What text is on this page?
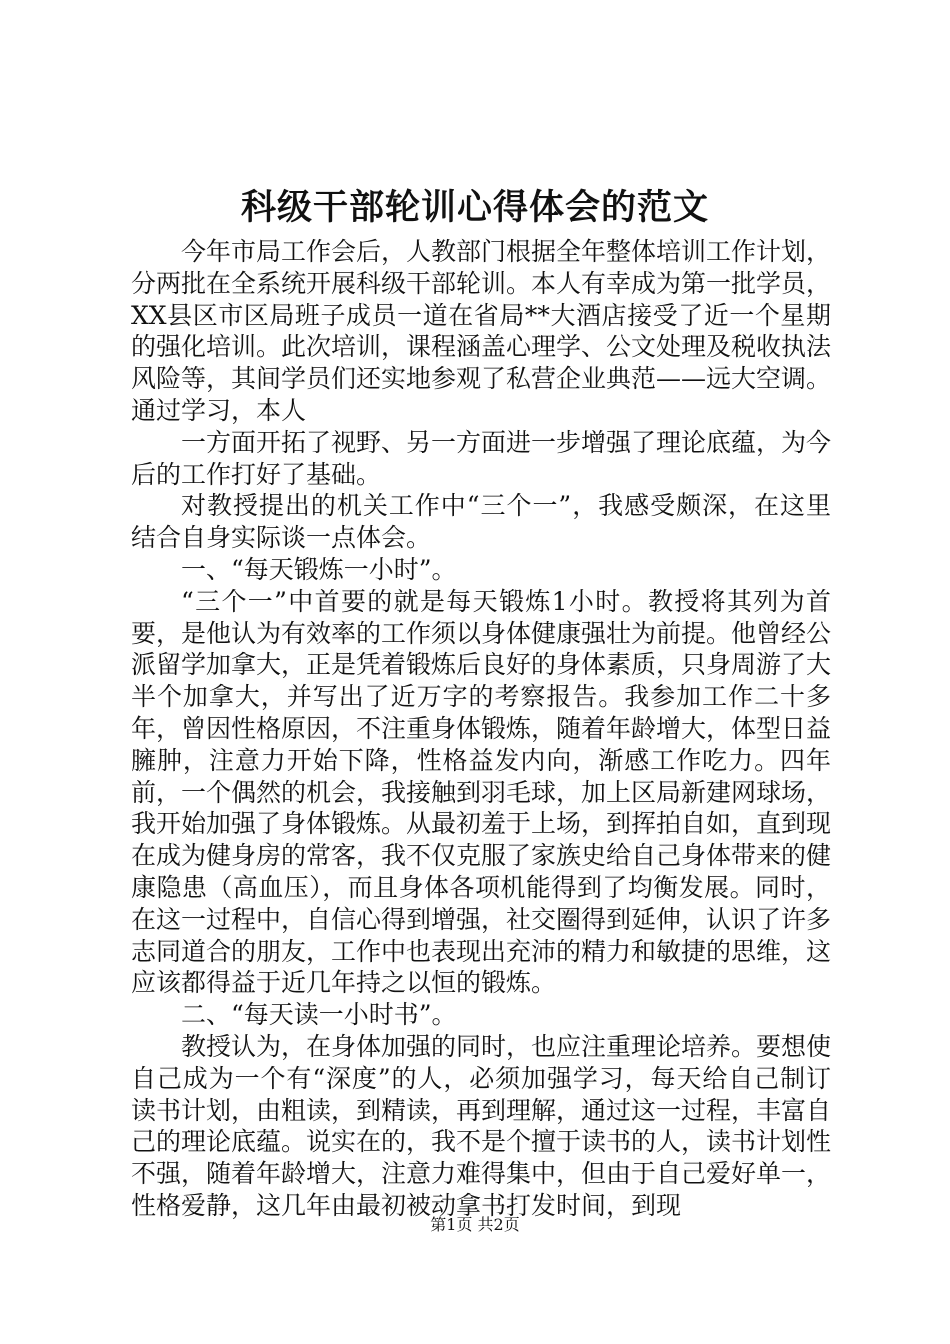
科级干部轮训心得体会的范文

今年市局工作会后，人教部门根据全年整体培训工作计划，分两批在全系统开展科级干部轮训。本人有幸成为第一批学员，XX县区市区局班子成员一道在省局**大酒店接受了近一个星期的强化培训。此次培训，课程涵盖心理学、公文处理及税收执法风险等，其间学员们还实地参观了私营企业典范——远大空调。通过学习，本人

一方面开拓了视野、另一方面进一步增强了理论底蕴，为今后的工作打好了基础。

对教授提出的机关工作中“三个一”，我感受颇深，在这里结合自身实际谈一点体会。

一、“每天锻炼一小时”。

“三个一”中首要的就是每天锻炼1小时。教授将其列为首要，是他认为有效率的工作须以身体健康强壮为前提。他曾经公派留学加拿大，正是凭着锻炼后良好的身体素质，只身周游了大半个加拿大，并写出了近万字的考察报告。我参加工作二十多年，曾因性格原因，不注重身体锻炼，随着年龄增大，体型日益臃肿，注意力开始下降，性格益发内向，渐感工作吃力。四年前，一个偶然的机会，我接触到羽毛球，加上区局新建网球场，我开始加强了身体锻炼。从最初羞于上场，到挥拍自如，直到现在成为健身房的常客，我不仅克服了家族史给自己身体带来的健康隐患（高血压），而且身体各项机能得到了均衡发展。同时，在这一过程中，自信心得到增强，社交圈得到延伸，认识了许多志同道合的朋友，工作中也表现出充沛的精力和敏捷的思维，这应该都得益于近几年持之以恒的锻炼。

二、“每天读一小时书”。

教授认为，在身体加强的同时，也应注重理论培养。要想使自己成为一个有“深度”的人，必须加强学习，每天给自己制订读书计划，由粗读，到精读，再到理解，通过这一过程，丰富自己的理论底蕴。说实在的，我不是个擅于读书的人，读书计划性不强，随着年龄增大，注意力难得集中，但由于自己爱好单一，性格爱静，这几年由最初被动拿书打发时间，到现

第1页 共2页
